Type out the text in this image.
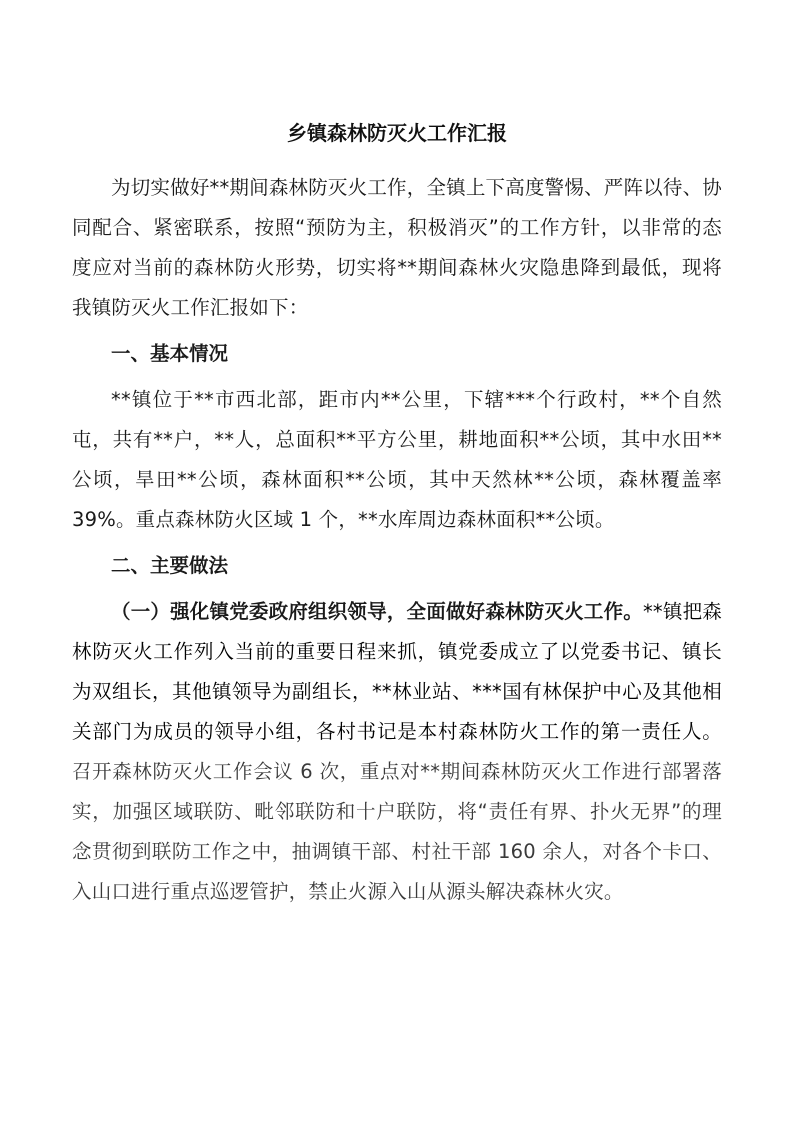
乡镇森林防灭火工作汇报

为切实做好**期间森林防灭火工作，全镇上下高度警惕、严阵以待、协同配合、紧密联系，按照“预防为主，积极消灭”的工作方针，以非常的态度应对当前的森林防火形势，切实将**期间森林火灾隐患降到最低，现将我镇防灭火工作汇报如下：

一、基本情况

**镇位于**市西北部，距市内**公里，下辖***个行政村，**个自然屯，共有**户，**人，总面积**平方公里，耕地面积**公顷，其中水田**公顷，旱田**公顷，森林面积**公顷，其中天然林**公顷，森林覆盖率 39%。重点森林防火区域 1 个，**水库周边森林面积**公顷。

二、主要做法

（一）强化镇党委政府组织领导，全面做好森林防灭火工作。**镇把森林防灭火工作列入当前的重要日程来抓，镇党委成立了以党委书记、镇长为双组长，其他镇领导为副组长，**林业站、***国有林保护中心及其他相关部门为成员的领导小组，各村书记是本村森林防火工作的第一责任人。召开森林防灭火工作会议 6 次，重点对**期间森林防灭火工作进行部署落实，加强区域联防、毗邻联防和十户联防，将“责任有界、扑火无界”的理念贯彻到联防工作之中，抽调镇干部、村社干部 160 余人，对各个卡口、入山口进行重点巡逻管护，禁止火源入山从源头解决森林火灾。
